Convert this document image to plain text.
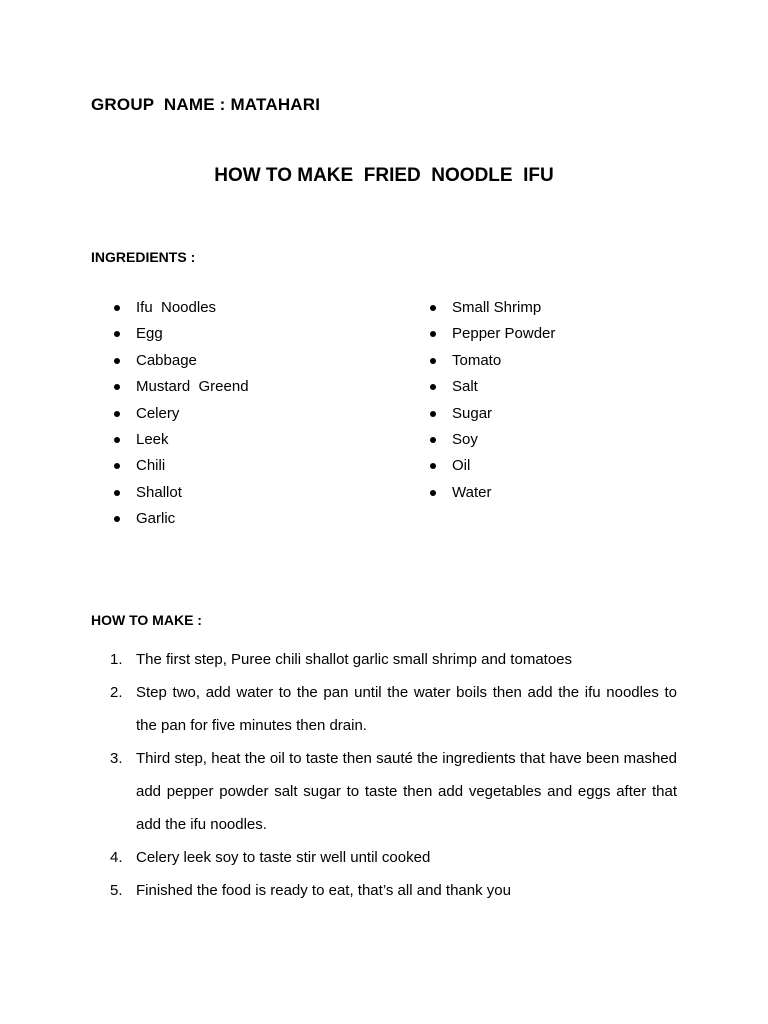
GROUP  NAME : MATAHARI
HOW TO MAKE  FRIED  NOODLE  IFU
INGREDIENTS :
Ifu  Noodles
Egg
Cabbage
Mustard  Greend
Celery
Leek
Chili
Shallot
Garlic
Small Shrimp
Pepper Powder
Tomato
Salt
Sugar
Soy
Oil
Water
HOW TO MAKE :
1. The first step, Puree chili shallot garlic small shrimp and tomatoes
2. Step two, add water to the pan until the water boils then add the ifu noodles to the pan for five minutes then drain.
3. Third step, heat the oil to taste then sauté the ingredients that have been mashed add pepper powder salt sugar to taste then add vegetables and eggs after that add the ifu noodles.
4. Celery leek soy to taste stir well until cooked
5. Finished the food is ready to eat, that’s all and thank you
